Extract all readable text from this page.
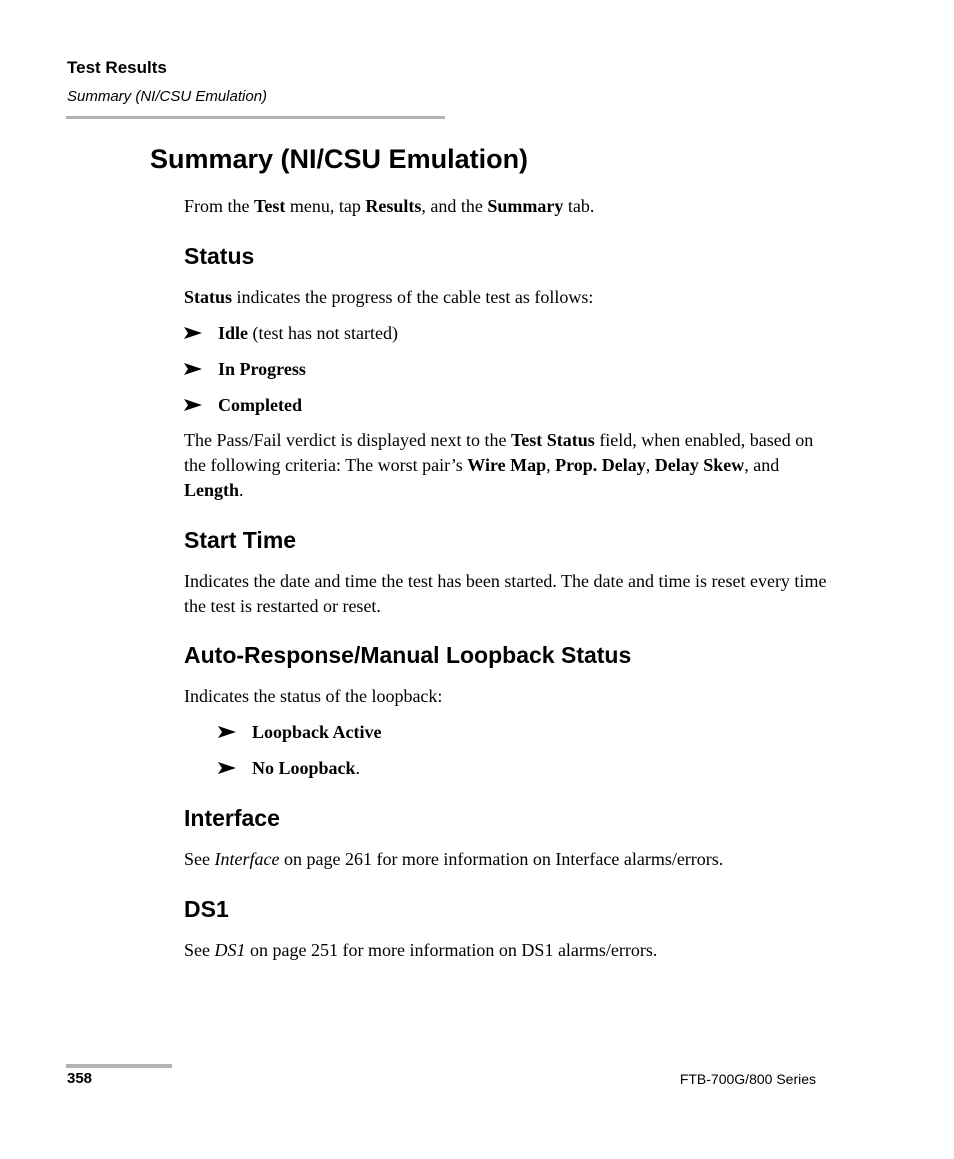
Test Results
Summary (NI/CSU Emulation)
Summary (NI/CSU Emulation)
From the Test menu, tap Results, and the Summary tab.
Status
Status indicates the progress of the cable test as follows:
Idle (test has not started)
In Progress
Completed
The Pass/Fail verdict is displayed next to the Test Status field, when enabled, based on the following criteria: The worst pair’s Wire Map, Prop. Delay, Delay Skew, and Length.
Start Time
Indicates the date and time the test has been started. The date and time is reset every time the test is restarted or reset.
Auto-Response/Manual Loopback Status
Indicates the status of the loopback:
Loopback Active
No Loopback.
Interface
See Interface on page 261 for more information on Interface alarms/errors.
DS1
See DS1 on page 251 for more information on DS1 alarms/errors.
358	FTB-700G/800 Series
